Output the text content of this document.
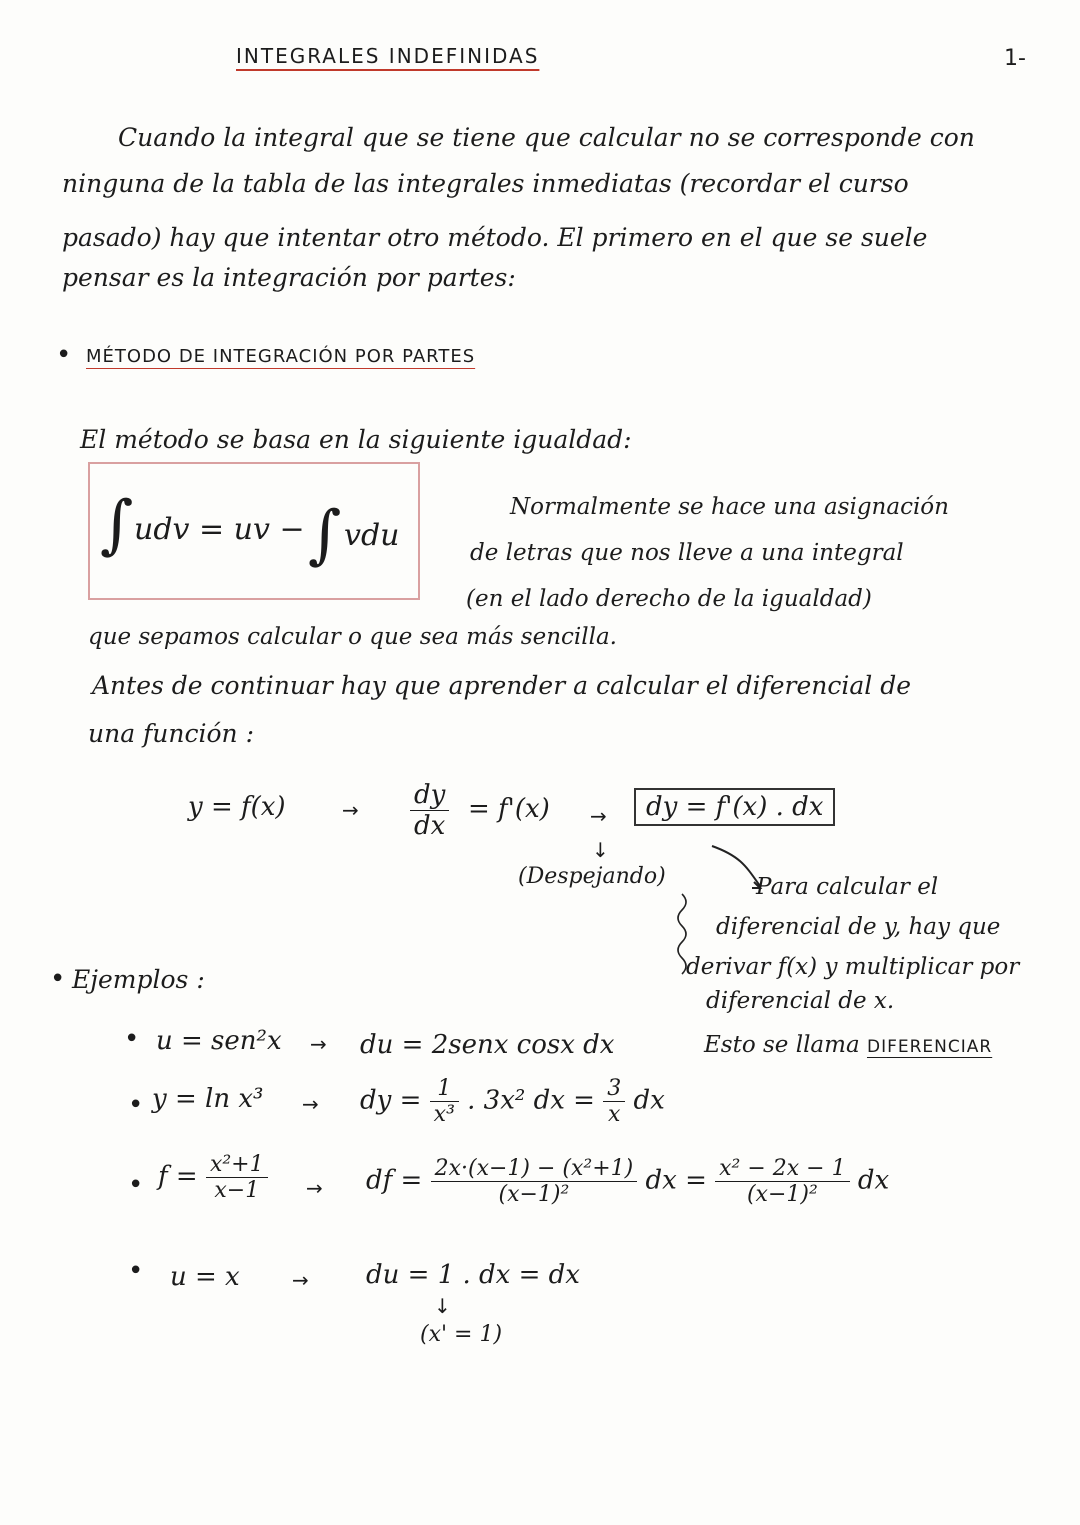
INTEGRALES INDEFINIDAS	1-
Cuando la integral que se tiene que calcular no se corresponde con
ninguna de la tabla de las integrales inmediatas (recordar el curso
pasado) hay que intentar otro método. El primero en el que se suele
pensar es la integración por partes:
• MÉTODO DE INTEGRACIÓN POR PARTES
El método se basa en la siguiente igualdad:
∫ udv = uv − ∫ vdu
Normalmente se hace una asignación
de letras que nos lleve a una integral
(en el lado derecho de la igualdad)
que sepamos calcular o que sea más sencilla.
Antes de continuar hay que aprender a calcular el diferencial de
una función :
y = f(x)	→ $\frac{dy}{dx} = f'(x)$ →	dy = f'(x) . dx
↓
(Despejando)	Para calcular el
diferencial de y, hay que
derivar f(x) y multiplicar por
diferencial de x.
Esto se llama DIFERENCIAR
• Ejemplos :
• u = sen²x → du = 2senx cosx dx
• y = ln x³ → dy = $\frac{1}{\text{x³}}$ . 3x² dx = $\frac{3}{x}$ dx
• $f = \frac{\text{x²+1}}{x-1}$ → df = $\frac{\text{2x·(x−1) − (x²+1)}}{\text{(x−1)²}}$ dx = $\frac{\text{x² − 2x − 1}}{\text{(x−1)²}}$ dx
• u = x	→ du = 1 . dx = dx
↓
(x' = 1)
